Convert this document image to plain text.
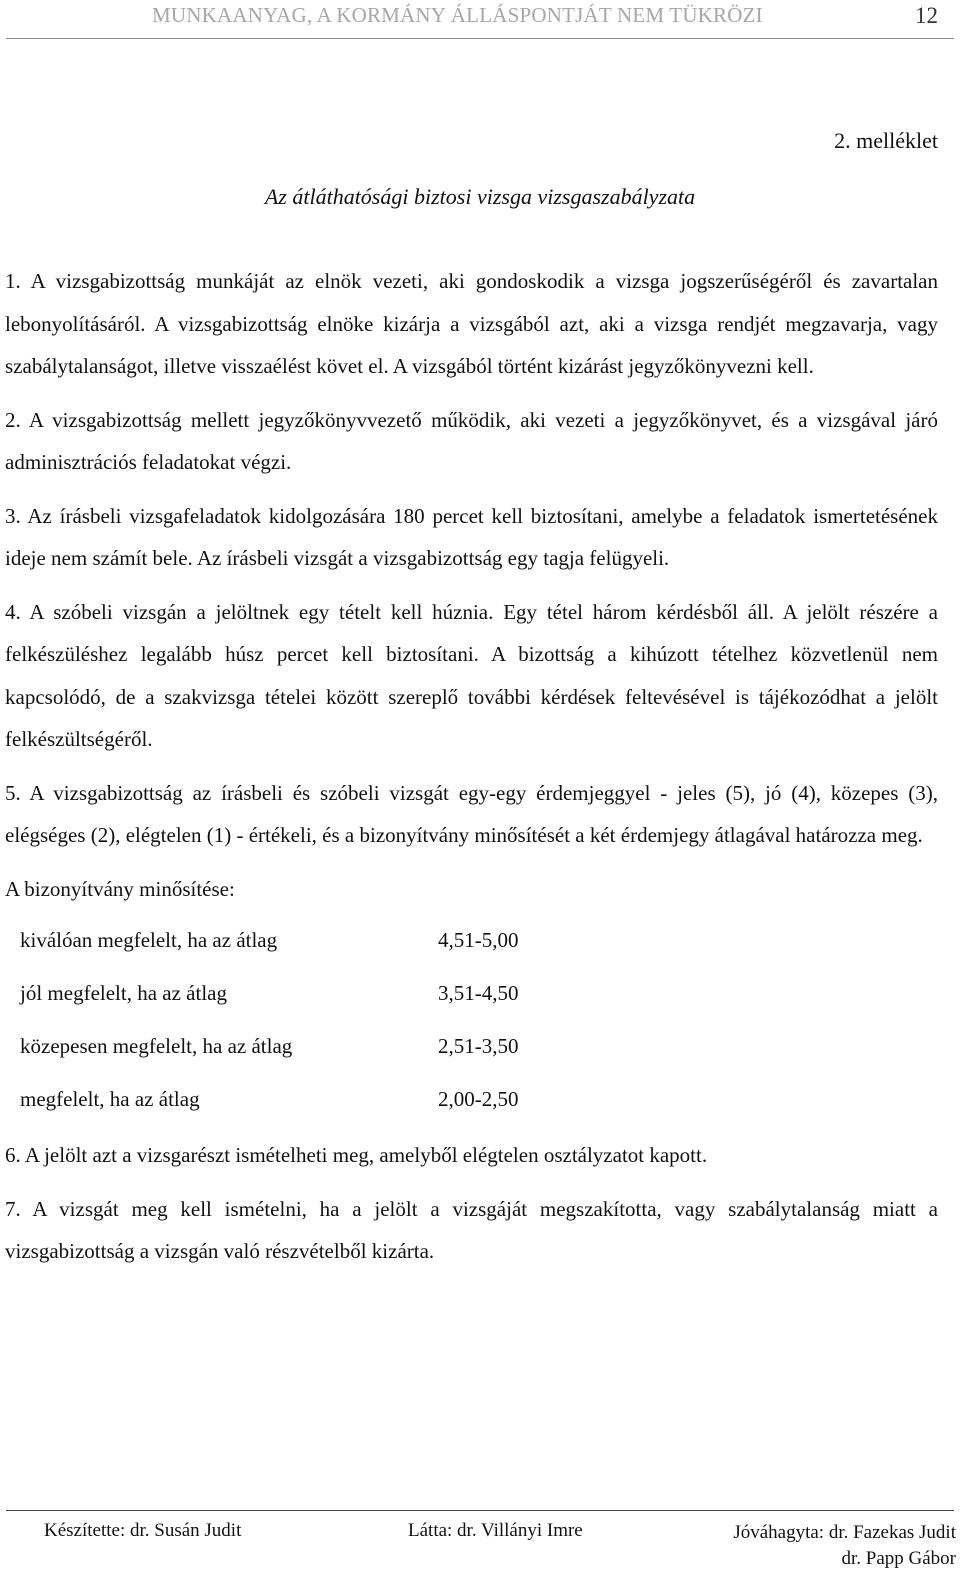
MUNKAANYAG, A KORMÁNY ÁLLÁSPONTJÁT NEM TÜKRÖZI	12
2. melléklet
Az átláthatósági biztosi vizsga vizsgaszabályzata

1. A vizsgabizottság munkáját az elnök vezeti, aki gondoskodik a vizsga jogszerűségéről és zavartalan lebonyolításáról. A vizsgabizottság elnöke kizárja a vizsgából azt, aki a vizsga rendjét megzavarja, vagy szabálytalanságot, illetve visszaélést követ el. A vizsgából történt kizárást jegyzőkönyvezni kell.

2. A vizsgabizottság mellett jegyzőkönyvvezető működik, aki vezeti a jegyzőkönyvet, és a vizsgával járó adminisztrációs feladatokat végzi.

3. Az írásbeli vizsgafeladatok kidolgozására 180 percet kell biztosítani, amelybe a feladatok ismertetésének ideje nem számít bele. Az írásbeli vizsgát a vizsgabizottság egy tagja felügyeli.

4. A szóbeli vizsgán a jelöltnek egy tételt kell húznia. Egy tétel három kérdésből áll. A jelölt részére a felkészüléshez legalább húsz percet kell biztosítani. A bizottság a kihúzott tételhez közvetlenül nem kapcsolódó, de a szakvizsga tételei között szereplő további kérdések feltevésével is tájékozódhat a jelölt felkészültségéről.

5. A vizsgabizottság az írásbeli és szóbeli vizsgát egy-egy érdemjeggyel - jeles (5), jó (4), közepes (3), elégséges (2), elégtelen (1) - értékeli, és a bizonyítvány minősítését a két érdemjegy átlagával határozza meg.

A bizonyítvány minősítése:

kiválóan megfelelt, ha az átlag	4,51-5,00
jól megfelelt, ha az átlag	3,51-4,50
közepesen megfelelt, ha az átlag	2,51-3,50
megfelelt, ha az átlag	2,00-2,50

6. A jelölt azt a vizsgarészt ismételheti meg, amelyből elégtelen osztályzatot kapott.

7. A vizsgát meg kell ismételni, ha a jelölt a vizsgáját megszakította, vagy szabálytalanság miatt a vizsgabizottság a vizsgán való részvételből kizárta.

Készítette: dr. Susán Judit	Látta: dr. Villányi Imre	Jóváhagyta: dr. Fazekas Judit
dr. Papp Gábor
